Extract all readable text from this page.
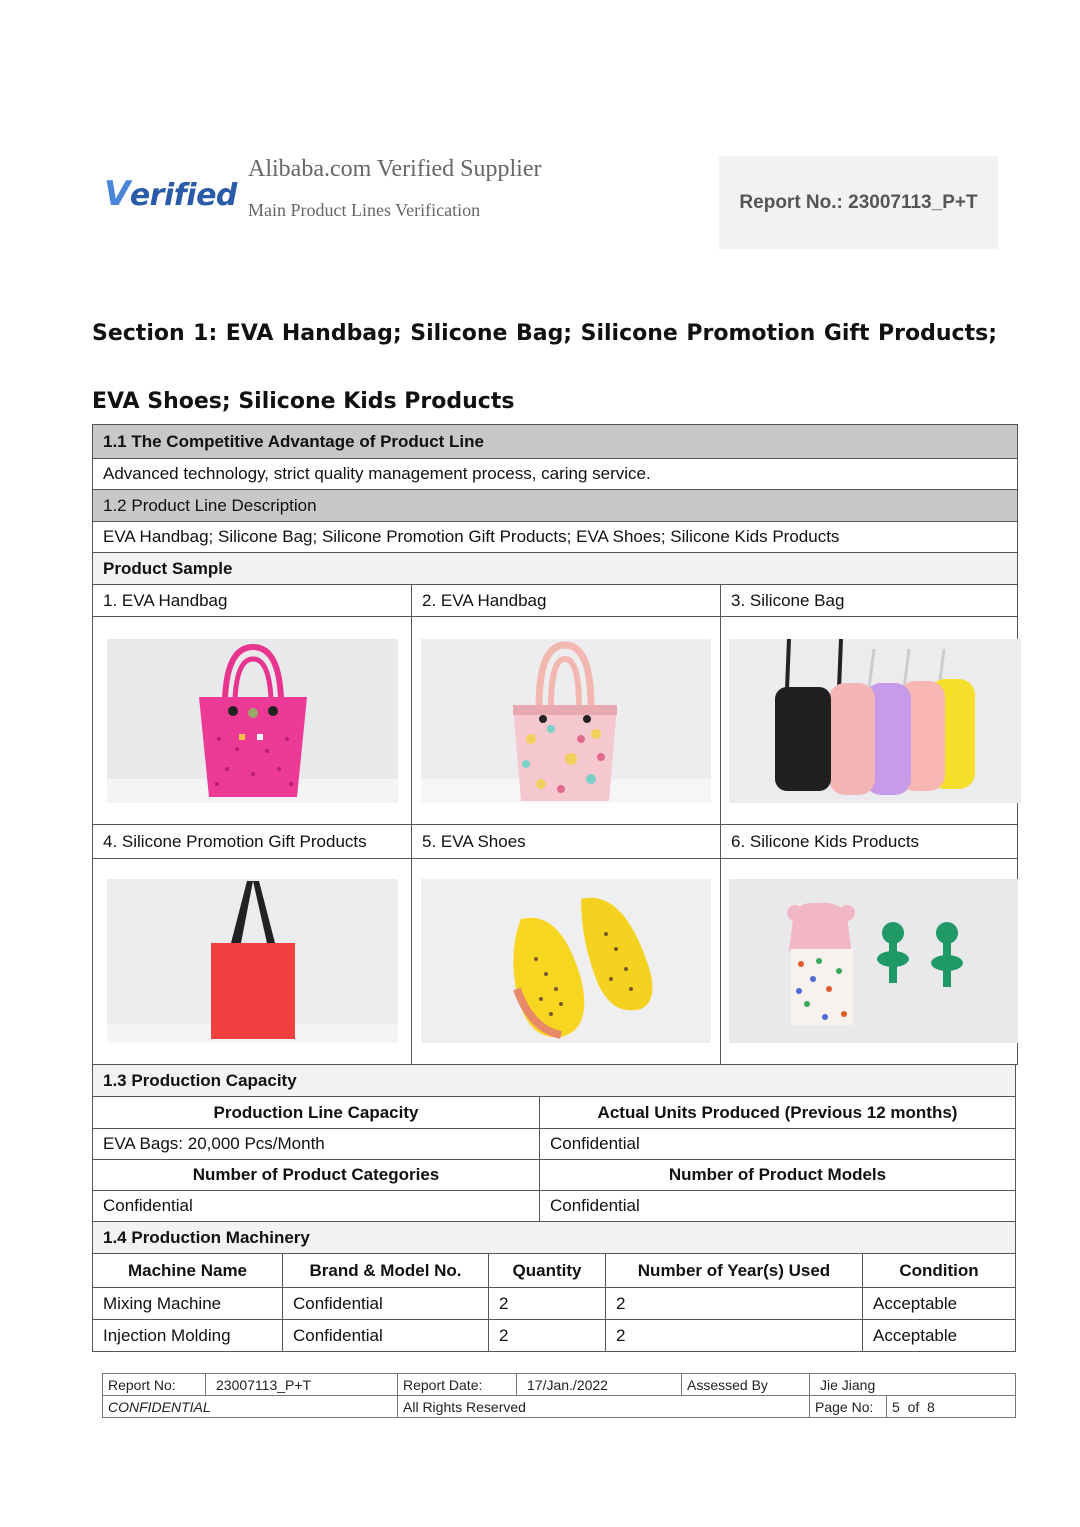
Verified
Alibaba.com Verified Supplier
Main Product Lines Verification	Report No.: 23007113_P+T
Section 1: EVA Handbag; Silicone Bag; Silicone Promotion Gift Products; EVA Shoes; Silicone Kids Products
1.1 The Competitive Advantage of Product Line
Advanced technology, strict quality management process, caring service.
1.2 Product Line Description
EVA Handbag; Silicone Bag; Silicone Promotion Gift Products; EVA Shoes; Silicone Kids Products
Product Sample
1. EVA Handbag	2. EVA Handbag	3. Silicone Bag
4. Silicone Promotion Gift Products	5. EVA Shoes	6. Silicone Kids Products
1.3 Production Capacity
Production Line Capacity	Actual Units Produced (Previous 12 months)
EVA Bags: 20,000 Pcs/Month	Confidential
Number of Product Categories	Number of Product Models
Confidential	Confidential
1.4 Production Machinery
Machine Name	Brand & Model No.	Quantity	Number of Year(s) Used	Condition
Mixing Machine	Confidential	2	2	Acceptable
Injection Molding	Confidential	2	2	Acceptable
Report No:	23007113_P+T	Report Date:	17/Jan./2022	Assessed By	Jie Jiang
CONFIDENTIAL	All Rights Reserved	Page No:	5  of  8
